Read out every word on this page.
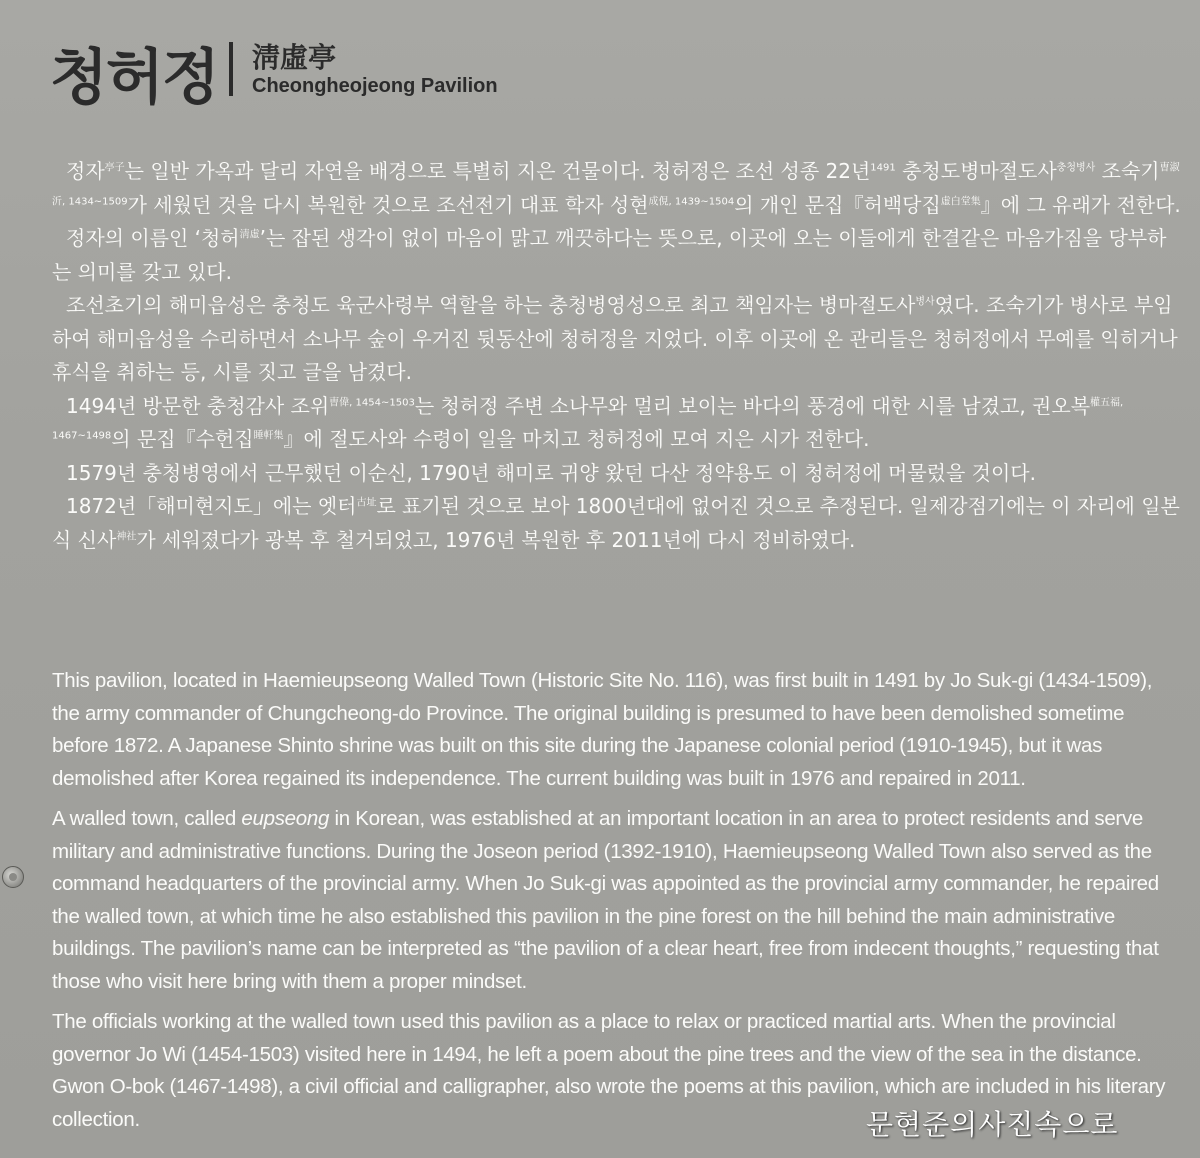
청허정 淸虛亭
Cheongheojeong Pavilion

정자$^{亭子}$는 일반 가옥과 달리 자연을 배경으로 특별히 지은 건물이다. 청허정은 조선 성종 22년$^{1491}$ 충청도병마절도사$^{충청병사}$ 조숙기$^{曺淑沂, 1434\sim 1509}$가 세웠던 것을 다시 복원한 것으로 조선전기 대표 학자 성현$^{成俔, 1439\sim 1504}$의 개인 문집『허백당집$^{虛白堂集}$』에 그 유래가 전한다.

정자의 이름인 ‘청허$^{淸虛}$’는 잡된 생각이 없이 마음이 맑고 깨끗하다는 뜻으로, 이곳에 오는 이들에게 한결같은 마음가짐을 당부하는 의미를 갖고 있다.

조선초기의 해미읍성은 충청도 육군사령부 역할을 하는 충청병영성으로 최고 책임자는 병마절도사$^{병사}$였다. 조숙기가 병사로 부임하여 해미읍성을 수리하면서 소나무 숲이 우거진 뒷동산에 청허정을 지었다. 이후 이곳에 온 관리들은 청허정에서 무예를 익히거나 휴식을 취하는 등, 시를 짓고 글을 남겼다.

1494년 방문한 충청감사 조위$^{曺偉, 1454\sim 1503}$는 청허정 주변 소나무와 멀리 보이는 바다의 풍경에 대한 시를 남겼고, 권오복$^{權五福, 1467\sim 1498}$의 문집『수헌집$^{睡軒集}$』에 절도사와 수령이 일을 마치고 청허정에 모여 지은 시가 전한다.

1579년 충청병영에서 근무했던 이순신, 1790년 해미로 귀양 왔던 다산 정약용도 이 청허정에 머물렀을 것이다.

1872년「해미현지도」에는 엣터$^{古址}$로 표기된 것으로 보아 1800년대에 없어진 것으로 추정된다. 일제강점기에는 이 자리에 일본식 신사$^{神社}$가 세워졌다가 광복 후 철거되었고, 1976년 복원한 후 2011년에 다시 정비하였다.

This pavilion, located in Haemieupseong Walled Town (Historic Site No. 116), was first built in 1491 by Jo Suk-gi (1434-1509), the army commander of Chungcheong-do Province. The original building is presumed to have been demolished sometime before 1872. A Japanese Shinto shrine was built on this site during the Japanese colonial period (1910-1945), but it was demolished after Korea regained its independence. The current building was built in 1976 and repaired in 2011.

A walled town, called eupseong in Korean, was established at an important location in an area to protect residents and serve military and administrative functions. During the Joseon period (1392-1910), Haemieupseong Walled Town also served as the command headquarters of the provincial army. When Jo Suk-gi was appointed as the provincial army commander, he repaired the walled town, at which time he also established this pavilion in the pine forest on the hill behind the main administrative buildings. The pavilion’s name can be interpreted as “the pavilion of a clear heart, free from indecent thoughts,” requesting that those who visit here bring with them a proper mindset.

The officials working at the walled town used this pavilion as a place to relax or practiced martial arts. When the provincial governor Jo Wi (1454-1503) visited here in 1494, he left a poem about the pine trees and the view of the sea in the distance. Gwon O-bok (1467-1498), a civil official and calligrapher, also wrote the poems at this pavilion, which are included in his literary collection.	문현준의사진속으로
